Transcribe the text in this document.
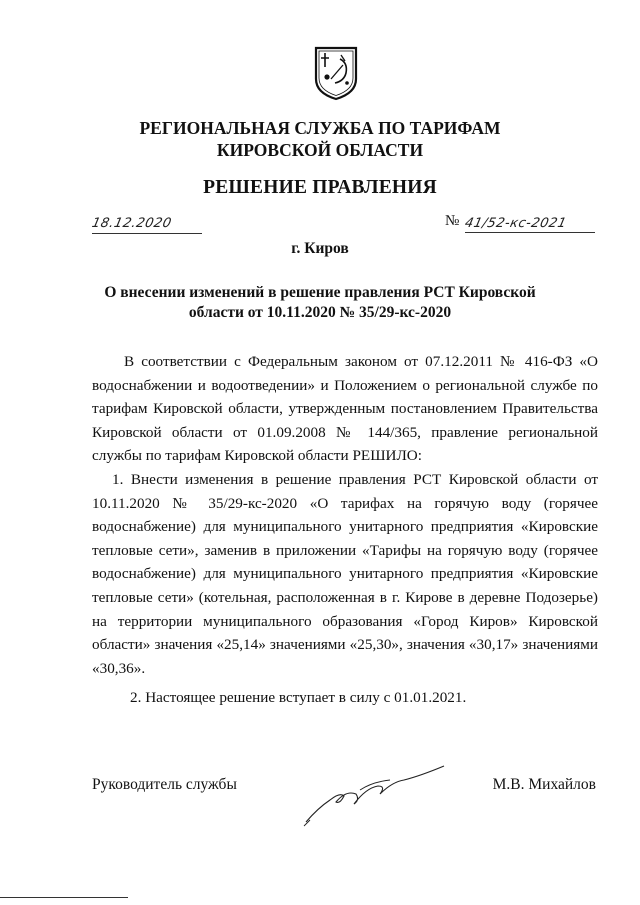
РЕГИОНАЛЬНАЯ СЛУЖБА ПО ТАРИФАМ
КИРОВСКОЙ ОБЛАСТИ
РЕШЕНИЕ ПРАВЛЕНИЯ
18.12.2020	№ 41/52-кс-2021
г. Киров
О внесении изменений в решение правления РСТ Кировской
области от 10.11.2020 № 35/29-кс-2020

В соответствии с Федеральным законом от 07.12.2011 № 416-ФЗ «О водоснабжении и водоотведении» и Положением о региональной службе по тарифам Кировской области, утвержденным постановлением Правительства Кировской области от 01.09.2008 № 144/365, правление региональной службы по тарифам Кировской области РЕШИЛО:

1. Внести изменения в решение правления РСТ Кировской области от 10.11.2020 № 35/29-кс-2020 «О тарифах на горячую воду (горячее водоснабжение) для муниципального унитарного предприятия «Кировские тепловые сети», заменив в приложении «Тарифы на горячую воду (горячее водоснабжение) для муниципального унитарного предприятия «Кировские тепловые сети» (котельная, расположенная в г. Кирове в деревне Подозерье) на территории муниципального образования «Город Киров» Кировской области» значения «25,14» значениями «25,30», значения «30,17» значениями «30,36».

2. Настоящее решение вступает в силу с 01.01.2021.

Руководитель службы	М.В. Михайлов
